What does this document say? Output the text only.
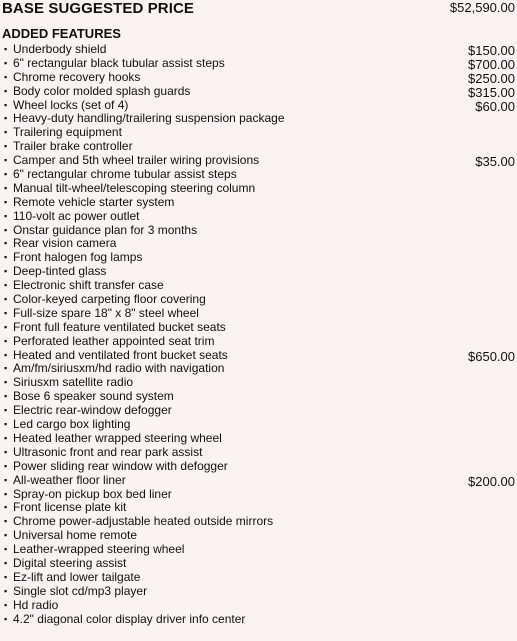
BASE SUGGESTED PRICE	$52,590.00
ADDED FEATURES
▪ Underbody shield	$150.00
▪ 6" rectangular black tubular assist steps	$700.00
▪ Chrome recovery hooks	$250.00
▪ Body color molded splash guards	$315.00
▪ Wheel locks (set of 4)	$60.00
▪ Heavy-duty handling/trailering suspension package
▪ Trailering equipment
▪ Trailer brake controller
▪ Camper and 5th wheel trailer wiring provisions	$35.00
▪ 6" rectangular chrome tubular assist steps
▪ Manual tilt-wheel/telescoping steering column
▪ Remote vehicle starter system
▪ 110-volt ac power outlet
▪ Onstar guidance plan for 3 months
▪ Rear vision camera
▪ Front halogen fog lamps
▪ Deep-tinted glass
▪ Electronic shift transfer case
▪ Color-keyed carpeting floor covering
▪ Full-size spare 18" x 8" steel wheel
▪ Front full feature ventilated bucket seats
▪ Perforated leather appointed seat trim
▪ Heated and ventilated front bucket seats	$650.00
▪ Am/fm/siriusxm/hd radio with navigation
▪ Siriusxm satellite radio
▪ Bose 6 speaker sound system
▪ Electric rear-window defogger
▪ Led cargo box lighting
▪ Heated leather wrapped steering wheel
▪ Ultrasonic front and rear park assist
▪ Power sliding rear window with defogger
▪ All-weather floor liner	$200.00
▪ Spray-on pickup box bed liner
▪ Front license plate kit
▪ Chrome power-adjustable heated outside mirrors
▪ Universal home remote
▪ Leather-wrapped steering wheel
▪ Digital steering assist
▪ Ez-lift and lower tailgate
▪ Single slot cd/mp3 player
▪ Hd radio
▪ 4.2" diagonal color display driver info center
